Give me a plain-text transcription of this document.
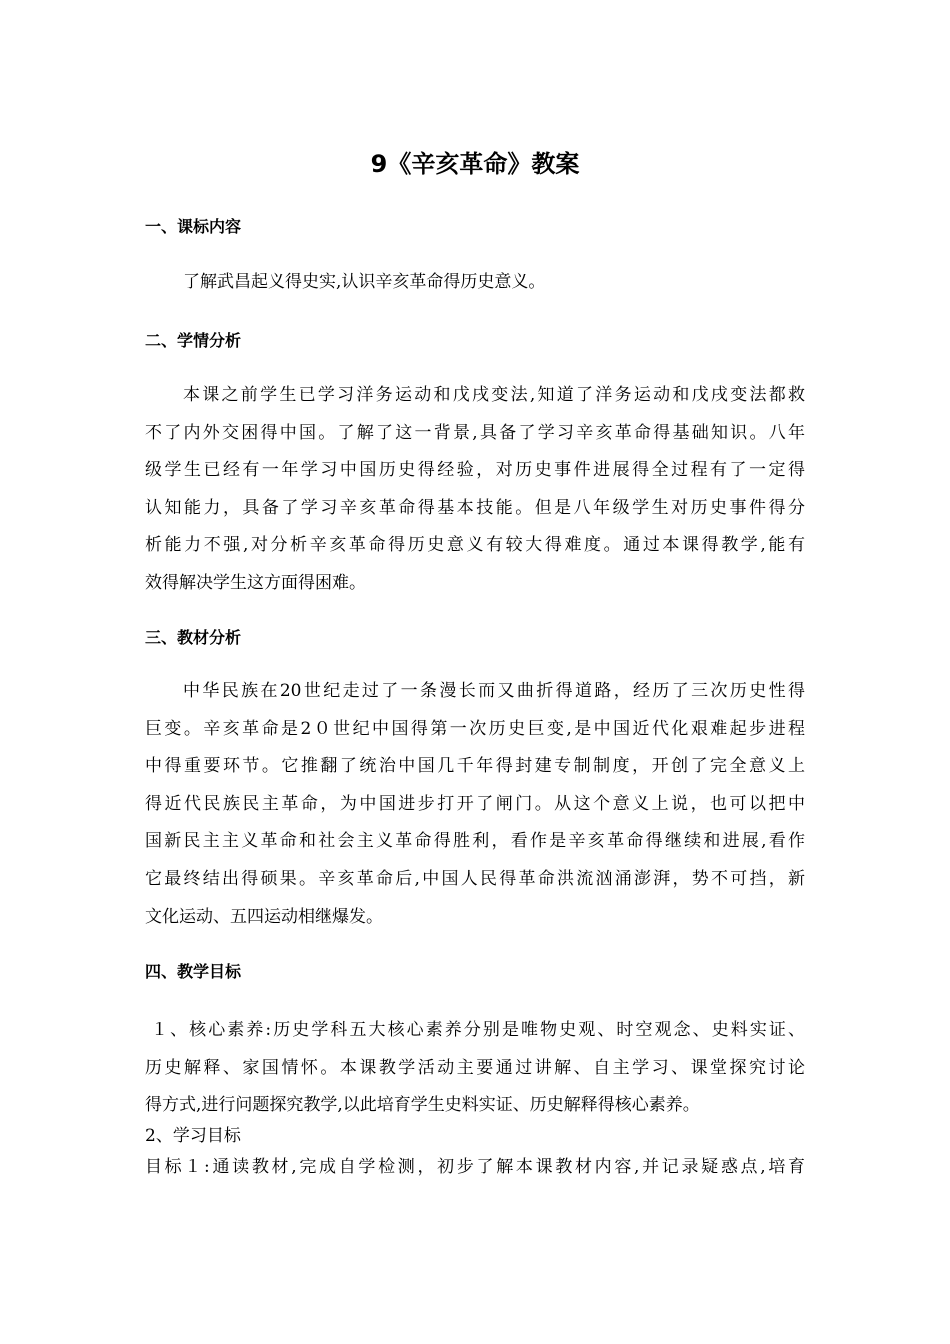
9《辛亥革命》教案
一、课标内容
了解武昌起义得史实,认识辛亥革命得历史意义。
二、学情分析
本课之前学生已学习洋务运动和戊戌变法,知道了洋务运动和戊戌变法都救
不了内外交困得中国。了解了这一背景,具备了学习辛亥革命得基础知识。八年
级学生已经有一年学习中国历史得经验，对历史事件进展得全过程有了一定得
认知能力，具备了学习辛亥革命得基本技能。但是八年级学生对历史事件得分
析能力不强,对分析辛亥革命得历史意义有较大得难度。通过本课得教学,能有
效得解决学生这方面得困难。
三、教材分析
中华民族在20世纪走过了一条漫长而又曲折得道路，经历了三次历史性得
巨变。辛亥革命是2０世纪中国得第一次历史巨变,是中国近代化艰难起步进程
中得重要环节。它推翻了统治中国几千年得封建专制制度，开创了完全意义上
得近代民族民主革命，为中国进步打开了闸门。从这个意义上说，也可以把中
国新民主主义革命和社会主义革命得胜利，看作是辛亥革命得继续和进展,看作
它最终结出得硕果。辛亥革命后,中国人民得革命洪流汹涌澎湃，势不可挡，新
文化运动、五四运动相继爆发。
四、教学目标
１、核心素养:历史学科五大核心素养分别是唯物史观、时空观念、史料实证、
历史解释、家国情怀。本课教学活动主要通过讲解、自主学习、课堂探究讨论
得方式,进行问题探究教学,以此培育学生史料实证、历史解释得核心素养。

2、学习目标

目标１:通读教材,完成自学检测，初步了解本课教材内容,并记录疑惑点,培育
